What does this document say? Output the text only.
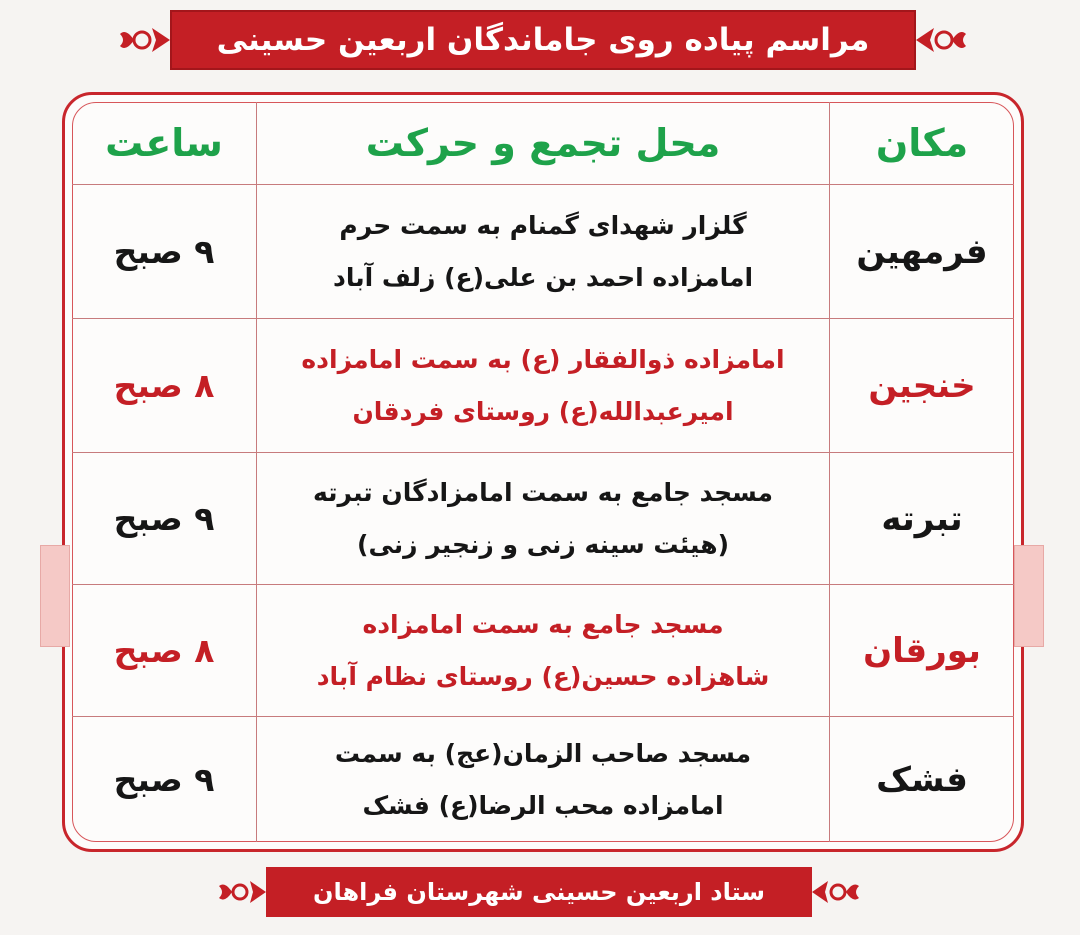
مراسم پیاده روی جاماندگان اربعین حسینی
مکان
محل تجمع و حرکت
ساعت
فرمهین
گلزار شهدای گمنام به سمت حرم
امامزاده احمد بن علی(ع) زلف آباد
۹ صبح
خنجین
امامزاده ذوالفقار (ع) به سمت امامزاده
امیرعبدالله(ع) روستای فردقان
۸ صبح
تبرته
مسجد جامع به سمت امامزادگان تبرته
(هیئت سینه زنی و زنجیر زنی)
۹ صبح
بورقان
مسجد جامع به سمت امامزاده
شاهزاده حسین(ع) روستای نظام آباد
۸ صبح
فشک
مسجد صاحب الزمان(عج) به سمت
امامزاده محب الرضا(ع) فشک
۹ صبح
ستاد اربعین حسینی شهرستان فراهان
